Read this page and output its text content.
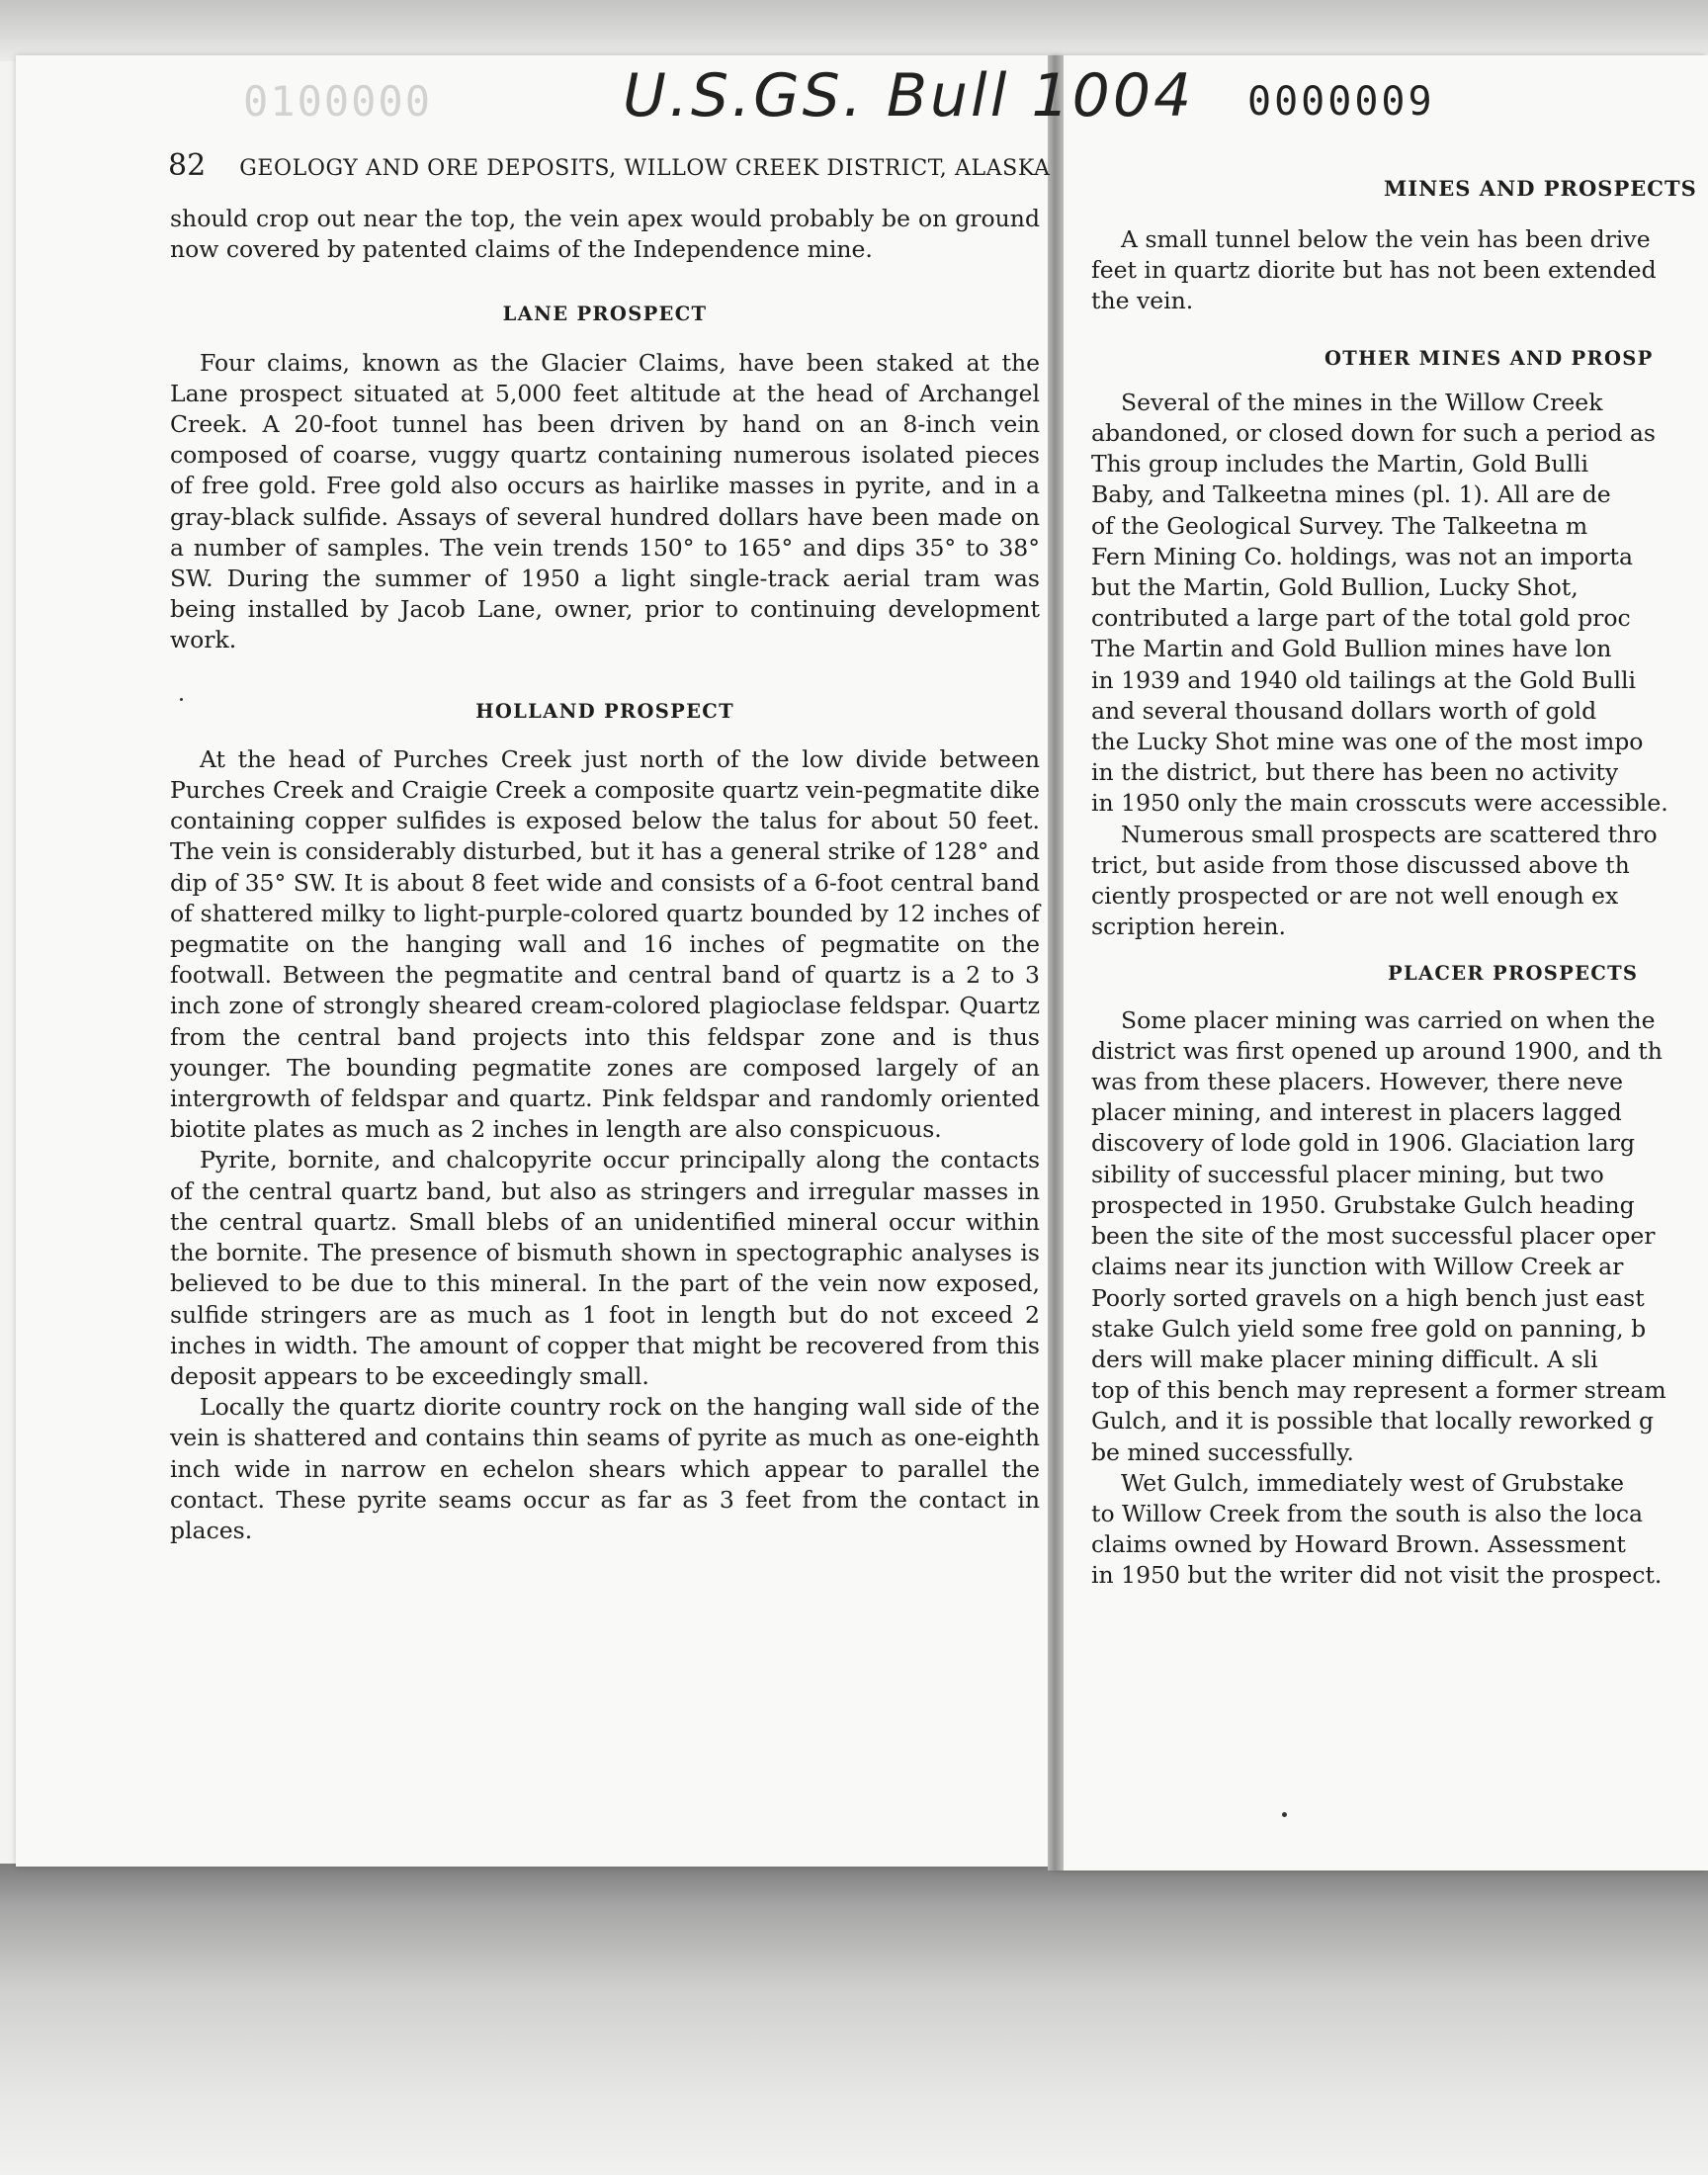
0100000	U.S.GS. Bull 1004 0000009
82 GEOLOGY AND ORE DEPOSITS, WILLOW CREEK DISTRICT, ALASKA

should crop out near the top, the vein apex would probably be on ground now covered by patented claims of the Independence mine.

LANE PROSPECT

Four claims, known as the Glacier Claims, have been staked at the Lane prospect situated at 5,000 feet altitude at the head of Archangel Creek. A 20-foot tunnel has been driven by hand on an 8-inch vein composed of coarse, vuggy quartz containing numerous isolated pieces of free gold. Free gold also occurs as hairlike masses in pyrite, and in a gray-black sulfide. Assays of several hundred dollars have been made on a number of samples. The vein trends 150° to 165° and dips 35° to 38° SW. During the summer of 1950 a light single-track aerial tram was being installed by Jacob Lane, owner, prior to continuing development work.

HOLLAND PROSPECT

At the head of Purches Creek just north of the low divide between Purches Creek and Craigie Creek a composite quartz vein-pegmatite dike containing copper sulfides is exposed below the talus for about 50 feet. The vein is considerably disturbed, but it has a general strike of 128° and dip of 35° SW. It is about 8 feet wide and consists of a 6-foot central band of shattered milky to light-purple-colored quartz bounded by 12 inches of pegmatite on the hanging wall and 16 inches of pegmatite on the footwall. Between the pegmatite and central band of quartz is a 2 to 3 inch zone of strongly sheared cream-colored plagioclase feldspar. Quartz from the central band projects into this feldspar zone and is thus younger. The bounding pegmatite zones are composed largely of an intergrowth of feldspar and quartz. Pink feldspar and randomly oriented biotite plates as much as 2 inches in length are also conspicuous.

Pyrite, bornite, and chalcopyrite occur principally along the contacts of the central quartz band, but also as stringers and irregular masses in the central quartz. Small blebs of an unidentified mineral occur within the bornite. The presence of bismuth shown in spectographic analyses is believed to be due to this mineral. In the part of the vein now exposed, sulfide stringers are as much as 1 foot in length but do not exceed 2 inches in width. The amount of copper that might be recovered from this deposit appears to be exceedingly small.

Locally the quartz diorite country rock on the hanging wall side of the vein is shattered and contains thin seams of pyrite as much as one-eighth inch wide in narrow en echelon shears which appear to parallel the contact. These pyrite seams occur as far as 3 feet from the contact in places.

MINES AND PROSPECTS
A small tunnel below the vein has been drive
feet in quartz diorite but has not been extended
the vein.
OTHER MINES AND PROSP
Several of the mines in the Willow Creek
abandoned, or closed down for such a period as
This group includes the Martin, Gold Bulli
Baby, and Talkeetna mines (pl. 1). All are de
of the Geological Survey. The Talkeetna m
Fern Mining Co. holdings, was not an importa
but the Martin, Gold Bullion, Lucky Shot,
contributed a large part of the total gold proc
The Martin and Gold Bullion mines have lon
in 1939 and 1940 old tailings at the Gold Bulli
and several thousand dollars worth of gold
the Lucky Shot mine was one of the most impo
in the district, but there has been no activity
in 1950 only the main crosscuts were accessible.
Numerous small prospects are scattered thro
trict, but aside from those discussed above th
ciently prospected or are not well enough ex
scription herein.
PLACER PROSPECTS
Some placer mining was carried on when the
district was first opened up around 1900, and th
was from these placers. However, there neve
placer mining, and interest in placers lagged
discovery of lode gold in 1906. Glaciation larg
sibility of successful placer mining, but two
prospected in 1950. Grubstake Gulch heading
been the site of the most successful placer oper
claims near its junction with Willow Creek ar
Poorly sorted gravels on a high bench just east
stake Gulch yield some free gold on panning, b
ders will make placer mining difficult. A sli
top of this bench may represent a former stream
Gulch, and it is possible that locally reworked g
be mined successfully.
Wet Gulch, immediately west of Grubstake
to Willow Creek from the south is also the loca
claims owned by Howard Brown. Assessment
in 1950 but the writer did not visit the prospect.
